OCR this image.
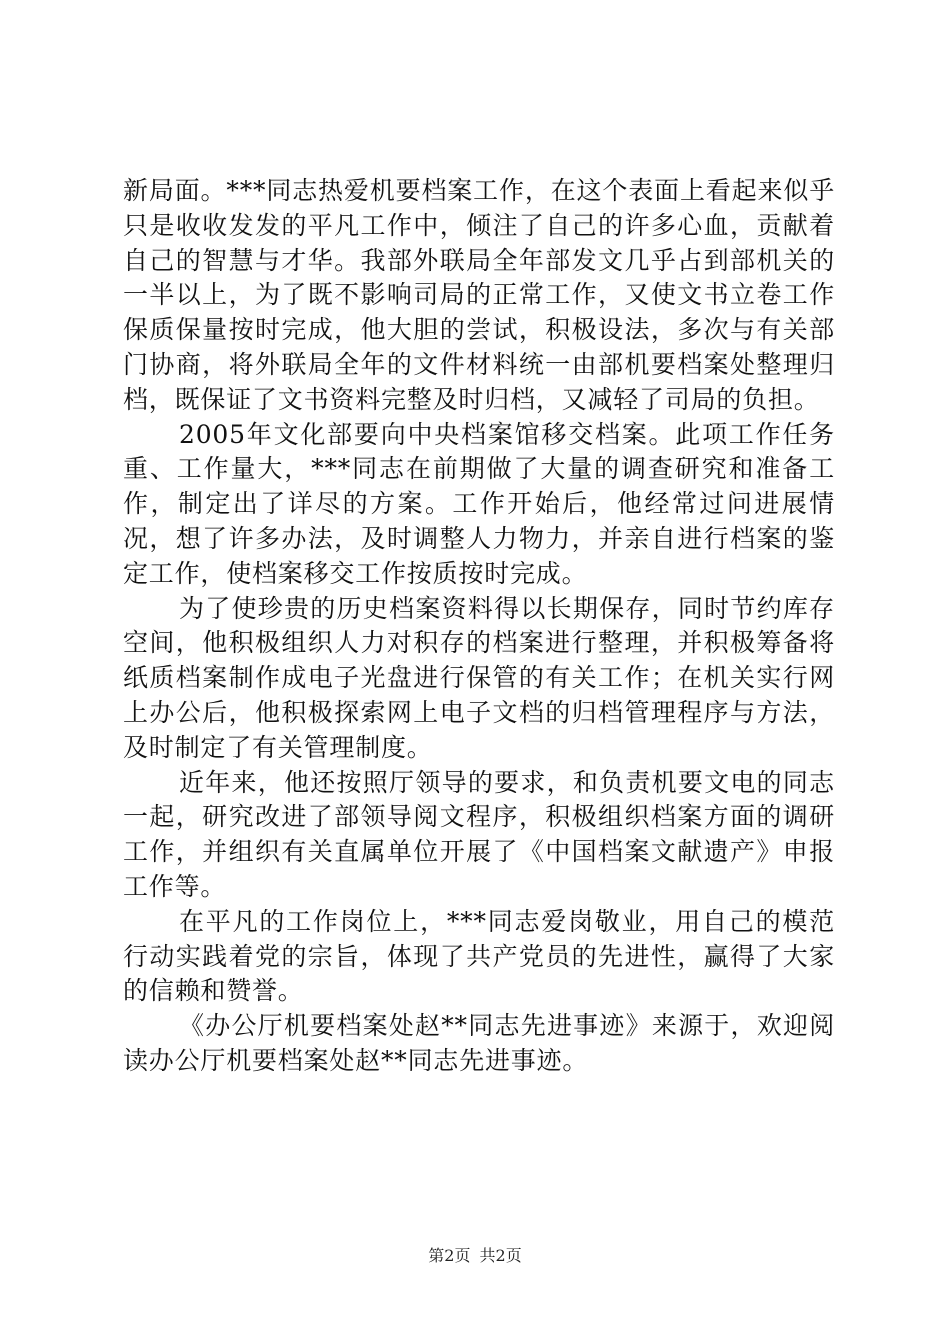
新局面。***同志热爱机要档案工作，在这个表面上看起来似乎只是收收发发的平凡工作中，倾注了自己的许多心血，贡献着自己的智慧与才华。我部外联局全年部发文几乎占到部机关的一半以上，为了既不影响司局的正常工作，又使文书立卷工作保质保量按时完成，他大胆的尝试，积极设法，多次与有关部门协商，将外联局全年的文件材料统一由部机要档案处整理归档，既保证了文书资料完整及时归档，又减轻了司局的负担。

2005年文化部要向中央档案馆移交档案。此项工作任务重、工作量大，***同志在前期做了大量的调查研究和准备工作，制定出了详尽的方案。工作开始后，他经常过问进展情况，想了许多办法，及时调整人力物力，并亲自进行档案的鉴定工作，使档案移交工作按质按时完成。

为了使珍贵的历史档案资料得以长期保存，同时节约库存空间，他积极组织人力对积存的档案进行整理，并积极筹备将纸质档案制作成电子光盘进行保管的有关工作；在机关实行网上办公后，他积极探索网上电子文档的归档管理程序与方法，及时制定了有关管理制度。

近年来，他还按照厅领导的要求，和负责机要文电的同志一起，研究改进了部领导阅文程序，积极组织档案方面的调研工作，并组织有关直属单位开展了《中国档案文献遗产》申报工作等。

在平凡的工作岗位上，***同志爱岗敬业，用自己的模范行动实践着党的宗旨，体现了共产党员的先进性，赢得了大家的信赖和赞誉。

《办公厅机要档案处赵**同志先进事迹》来源于，欢迎阅读办公厅机要档案处赵**同志先进事迹。

第2页 共2页
